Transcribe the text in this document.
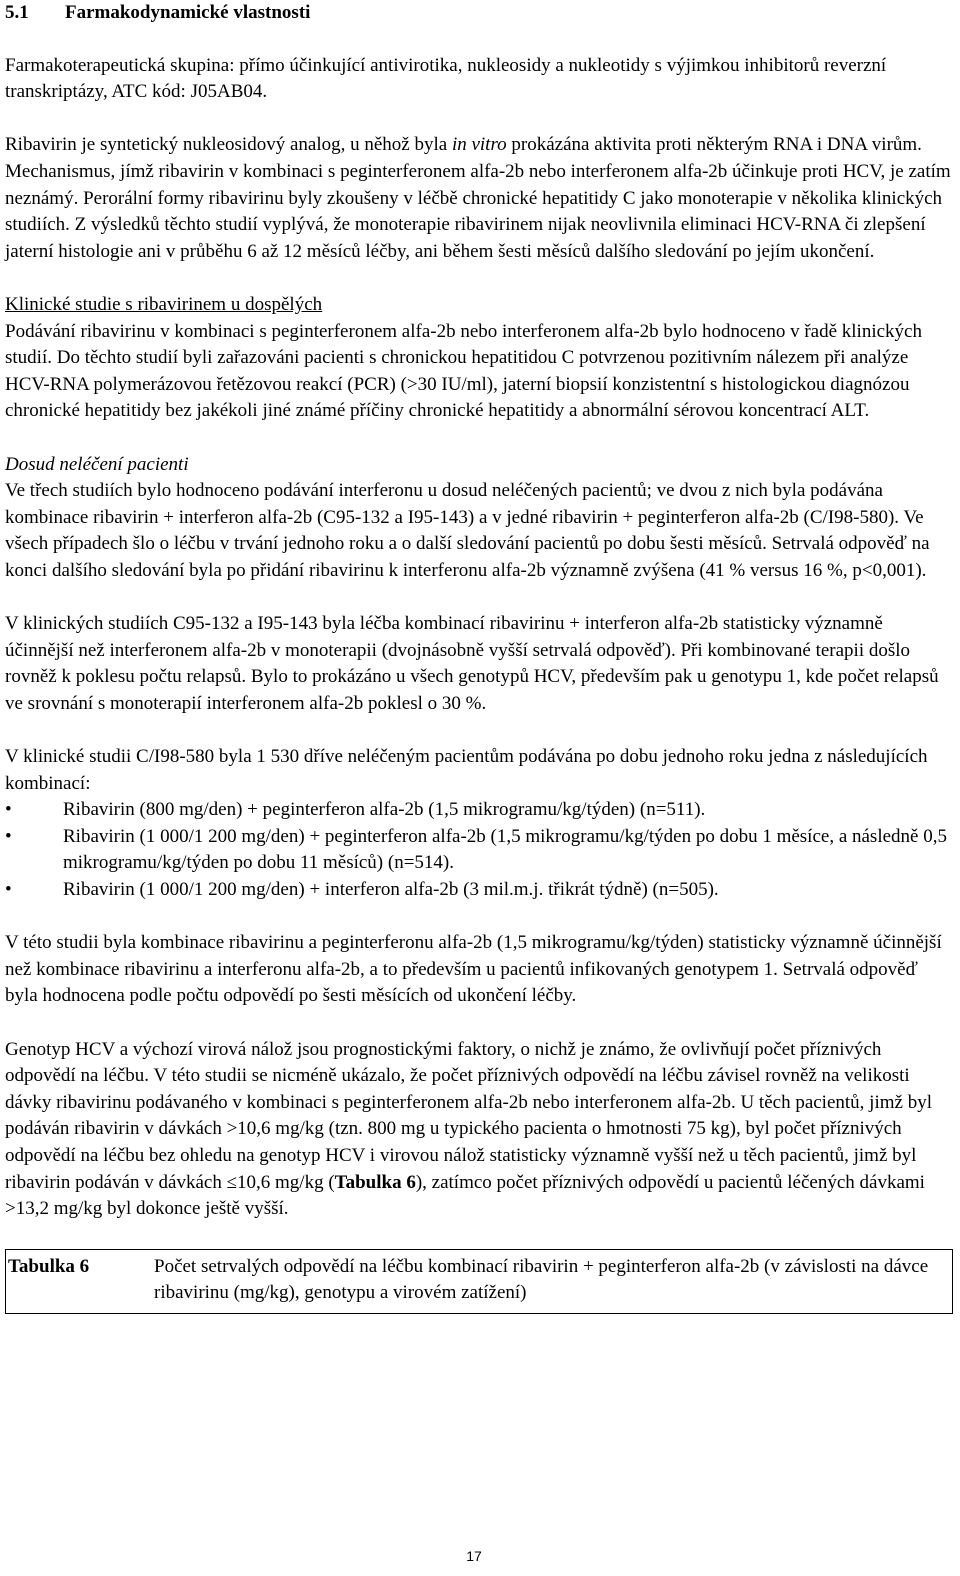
5.1 Farmakodynamické vlastnosti

Farmakoterapeutická skupina: přímo účinkující antivirotika, nukleosidy a nukleotidy s výjimkou inhibitorů reverzní transkriptázy, ATC kód: J05AB04.

Ribavirin je syntetický nukleosidový analog, u něhož byla in vitro prokázána aktivita proti některým RNA i DNA virům. Mechanismus, jímž ribavirin v kombinaci s peginterferonem alfa-2b nebo interferonem alfa-2b účinkuje proti HCV, je zatím neznámý. Perorální formy ribavirinu byly zkoušeny v léčbě chronické hepatitidy C jako monoterapie v několika klinických studiích. Z výsledků těchto studií vyplývá, že monoterapie ribavirinem nijak neovlivnila eliminaci HCV-RNA či zlepšení jaterní histologie ani v průběhu 6 až 12 měsíců léčby, ani během šesti měsíců dalšího sledování po jejím ukončení.

Klinické studie s ribavirinem u dospělých

Podávání ribavirinu v kombinaci s peginterferonem alfa-2b nebo interferonem alfa-2b bylo hodnoceno v řadě klinických studií. Do těchto studií byli zařazováni pacienti s chronickou hepatitidou C potvrzenou pozitivním nálezem při analýze HCV-RNA polymerázovou řetězovou reakcí (PCR) (>30 IU/ml), jaterní biopsií konzistentní s histologickou diagnózou chronické hepatitidy bez jakékoli jiné známé příčiny chronické hepatitidy a abnormální sérovou koncentrací ALT.

Dosud neléčení pacienti

Ve třech studiích bylo hodnoceno podávání interferonu u dosud neléčených pacientů; ve dvou z nich byla podávána kombinace ribavirin + interferon alfa-2b (C95-132 a I95-143) a v jedné ribavirin + peginterferon alfa-2b (C/I98-580). Ve všech případech šlo o léčbu v trvání jednoho roku a o další sledování pacientů po dobu šesti měsíců. Setrvalá odpověď na konci dalšího sledování byla po přidání ribavirinu k interferonu alfa-2b významně zvýšena (41 % versus 16 %, p<0,001).

V klinických studiích C95-132 a I95-143 byla léčba kombinací ribavirinu + interferon alfa-2b statisticky významně účinnější než interferonem alfa-2b v monoterapii (dvojnásobně vyšší setrvalá odpověď). Při kombinované terapii došlo rovněž k poklesu počtu relapsů. Bylo to prokázáno u všech genotypů HCV, především pak u genotypu 1, kde počet relapsů ve srovnání s monoterapií interferonem alfa-2b poklesl o 30 %.

V klinické studii C/I98-580 byla 1 530 dříve neléčeným pacientům podávána po dobu jednoho roku jedna z následujících kombinací:

•	Ribavirin (800 mg/den) + peginterferon alfa-2b (1,5 mikrogramu/kg/týden) (n=511).
•	Ribavirin (1 000/1 200 mg/den) + peginterferon alfa-2b (1,5 mikrogramu/kg/týden po dobu 1 měsíce, a následně 0,5 mikrogramu/kg/týden po dobu 11 měsíců) (n=514).
•	Ribavirin (1 000/1 200 mg/den) + interferon alfa-2b (3 mil.m.j. třikrát týdně) (n=505).

V této studii byla kombinace ribavirinu a peginterferonu alfa-2b (1,5 mikrogramu/kg/týden) statisticky významně účinnější než kombinace ribavirinu a interferonu alfa-2b, a to především u pacientů infikovaných genotypem 1. Setrvalá odpověď byla hodnocena podle počtu odpovědí po šesti měsících od ukončení léčby.

Genotyp HCV a výchozí virová nálož jsou prognostickými faktory, o nichž je známo, že ovlivňují počet příznivých odpovědí na léčbu. V této studii se nicméně ukázalo, že počet příznivých odpovědí na léčbu závisel rovněž na velikosti dávky ribavirinu podávaného v kombinaci s peginterferonem alfa-2b nebo interferonem alfa-2b. U těch pacientů, jimž byl podáván ribavirin v dávkách >10,6 mg/kg (tzn. 800 mg u typického pacienta o hmotnosti 75 kg), byl počet příznivých odpovědí na léčbu bez ohledu na genotyp HCV i virovou nálož statisticky významně vyšší než u těch pacientů, jimž byl ribavirin podáván v dávkách ≤10,6 mg/kg (Tabulka 6), zatímco počet příznivých odpovědí u pacientů léčených dávkami >13,2 mg/kg byl dokonce ještě vyšší.

Tabulka 6	Počet setrvalých odpovědí na léčbu kombinací ribavirin + peginterferon alfa-2b (v závislosti na dávce ribavirinu (mg/kg), genotypu a virovém zatížení)
17
